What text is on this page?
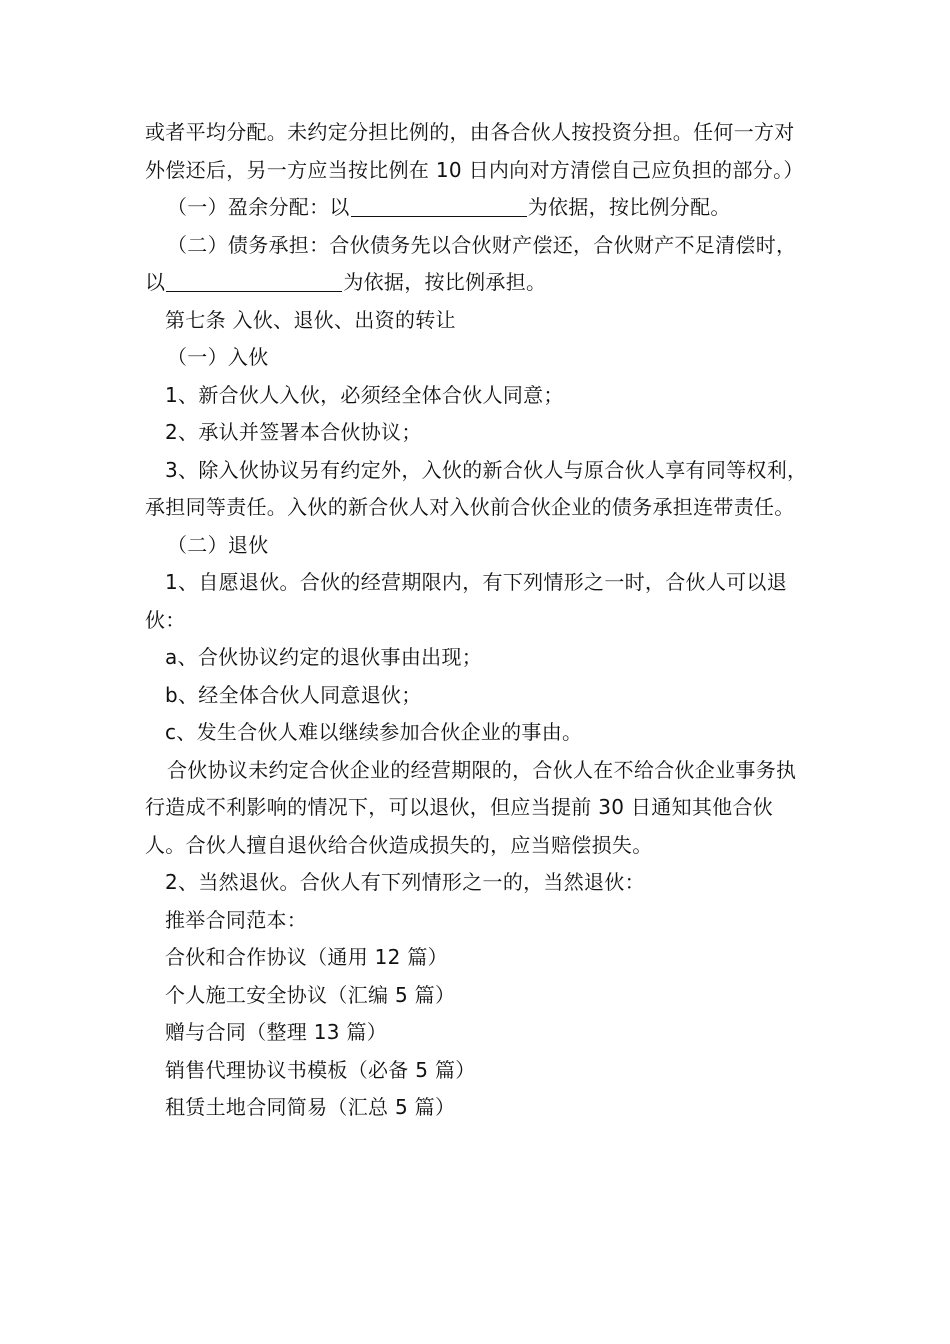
或者平均分配。未约定分担比例的，由各合伙人按投资分担。任何一方对外偿还后，另一方应当按比例在 10 日内向对方清偿自己应负担的部分。）

（一）盈余分配：以	为依据，按比例分配。

（二）债务承担：合伙债务先以合伙财产偿还，合伙财产不足清偿时，以	为依据，按比例承担。

第七条 入伙、退伙、出资的转让

（一）入伙

1、新合伙人入伙，必须经全体合伙人同意；

2、承认并签署本合伙协议；

3、除入伙协议另有约定外，入伙的新合伙人与原合伙人享有同等权利，承担同等责任。入伙的新合伙人对入伙前合伙企业的债务承担连带责任。

（二）退伙

1、自愿退伙。合伙的经营期限内，有下列情形之一时，合伙人可以退伙：

a、合伙协议约定的退伙事由出现；

b、经全体合伙人同意退伙；

c、发生合伙人难以继续参加合伙企业的事由。

合伙协议未约定合伙企业的经营期限的，合伙人在不给合伙企业事务执行造成不利影响的情况下，可以退伙，但应当提前 30 日通知其他合伙人。合伙人擅自退伙给合伙造成损失的，应当赔偿损失。

2、当然退伙。合伙人有下列情形之一的，当然退伙：

推举合同范本：

合伙和合作协议（通用 12 篇）

个人施工安全协议（汇编 5 篇）

赠与合同（整理 13 篇）

销售代理协议书模板（必备 5 篇）

租赁土地合同简易（汇总 5 篇）
